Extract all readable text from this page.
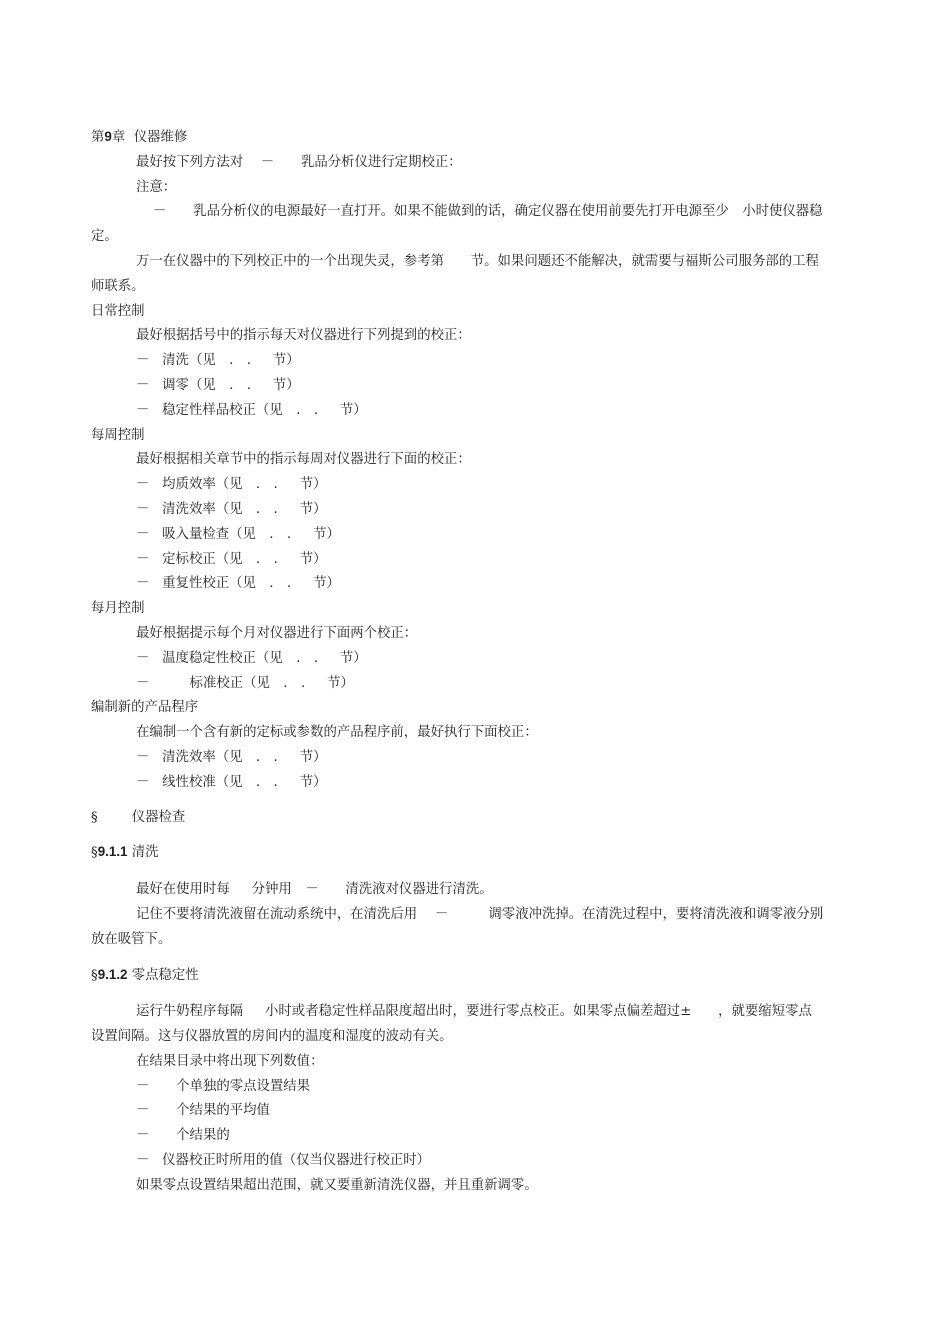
第9章  仪器维修
最好按下列方法对　 －　　乳品分析仪进行定期校正：
注意：
－　　乳品分析仪的电源最好一直打开。如果不能做到的话，确定仪器在使用前要先打开电源至少　小时使仪器稳
定。
万一在仪器中的下列校正中的一个出现失灵，参考第　　节。如果问题还不能解决，就需要与福斯公司服务部的工程
师联系。
日常控制
最好根据括号中的指示每天对仪器进行下列提到的校正：
－   清洗（见　.　.　  节）
－   调零（见　.　.　  节）
－   稳定性样品校正（见　.　.　  节）
每周控制
最好根据相关章节中的指示每周对仪器进行下面的校正：
－   均质效率（见　.　.　  节）
－   清洗效率（见　.　.　  节）
－   吸入量检查（见　.　.　  节）
－   定标校正（见　.　.　  节）
－   重复性校正（见　.　.　  节）
每月控制
最好根据提示每个月对仪器进行下面两个校正：
－   温度稳定性校正（见　.　.　  节）
－　　　标准校正（见　.　.　  节）
编制新的产品程序
在编制一个含有新的定标或参数的产品程序前，最好执行下面校正：
－   清洗效率（见　.　.　  节）
－   线性校准（见　.　.　  节）
§	仪器检查
§9.1.1 清洗
最好在使用时每　  分钟用　－　　清洗液对仪器进行清洗。
记住不要将清洗液留在流动系统中，在清洗后用　 －　　　调零液冲洗掉。在清洗过程中，要将清洗液和调零液分别
放在吸管下。
§9.1.2 零点稳定性
运行牛奶程序每隔　  小时或者稳定性样品限度超出时，要进行零点校正。如果零点偏差超过±　　，就要缩短零点
设置间隔。这与仪器放置的房间内的温度和湿度的波动有关。
在结果目录中将出现下列数值：
－　　个单独的零点设置结果
－　　个结果的平均值
－　　个结果的
－   仪器校正时所用的值（仅当仪器进行校正时）
如果零点设置结果超出范围，就又要重新清洗仪器，并且重新调零。
